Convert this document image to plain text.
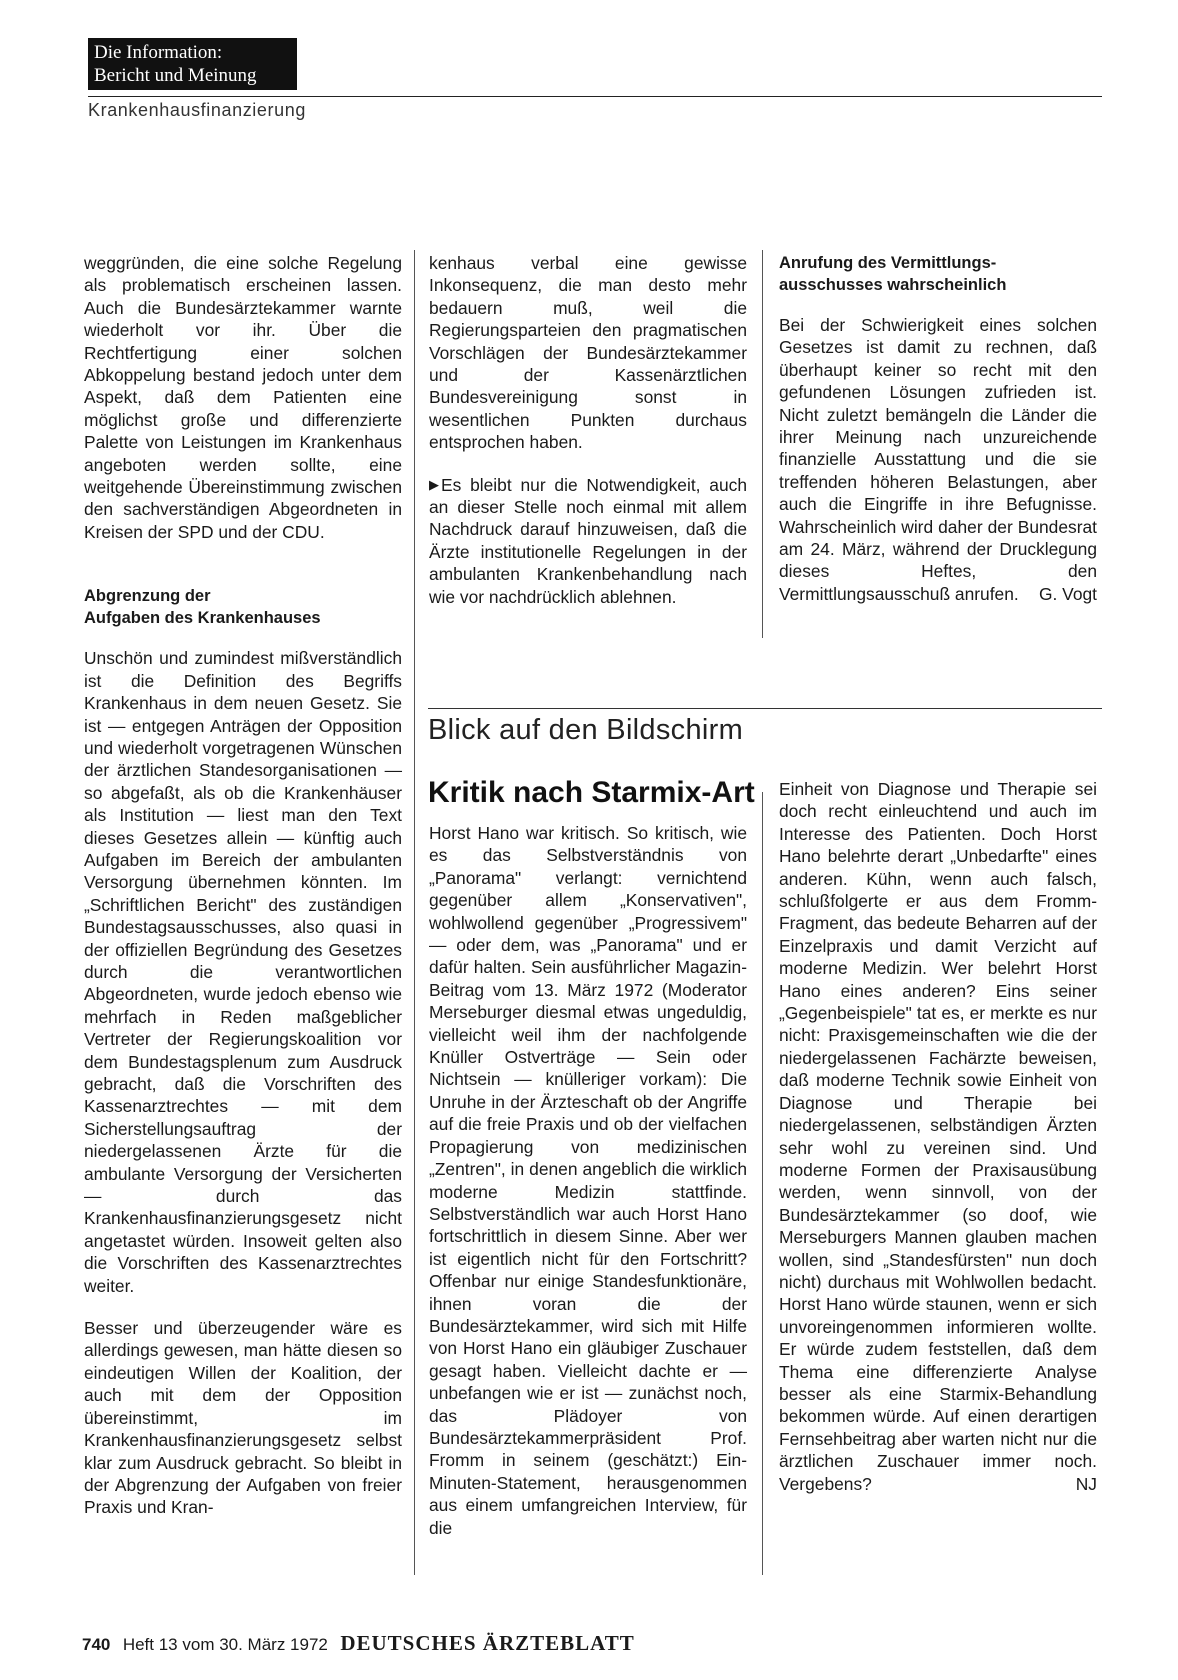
Die Information:
Bericht und Meinung
Krankenhausfinanzierung

weggründen, die eine solche Regelung als problematisch erscheinen lassen. Auch die Bundesärztekammer warnte wiederholt vor ihr. Über die Rechtfertigung einer solchen Abkoppelung bestand jedoch unter dem Aspekt, daß dem Patienten eine möglichst große und differenzierte Palette von Leistungen im Krankenhaus angeboten werden sollte, eine weitgehende Übereinstimmung zwischen den sachverständigen Abgeordneten in Kreisen der SPD und der CDU.

Abgrenzung der
Aufgaben des Krankenhauses

Unschön und zumindest mißverständlich ist die Definition des Begriffs Krankenhaus in dem neuen Gesetz. Sie ist — entgegen Anträgen der Opposition und wiederholt vorgetragenen Wünschen der ärztlichen Standesorganisationen — so abgefaßt, als ob die Krankenhäuser als Institution — liest man den Text dieses Gesetzes allein — künftig auch Aufgaben im Bereich der ambulanten Versorgung übernehmen könnten. Im „Schriftlichen Bericht" des zuständigen Bundestagsausschusses, also quasi in der offiziellen Begründung des Gesetzes durch die verantwortlichen Abgeordneten, wurde jedoch ebenso wie mehrfach in Reden maßgeblicher Vertreter der Regierungskoalition vor dem Bundestagsplenum zum Ausdruck gebracht, daß die Vorschriften des Kassenarztrechtes — mit dem Sicherstellungsauftrag der niedergelassenen Ärzte für die ambulante Versorgung der Versicherten — durch das Krankenhausfinanzierungsgesetz nicht angetastet würden. Insoweit gelten also die Vorschriften des Kassenarztrechtes weiter.

Besser und überzeugender wäre es allerdings gewesen, man hätte diesen so eindeutigen Willen der Koalition, der auch mit dem der Opposition übereinstimmt, im Krankenhausfinanzierungsgesetz selbst klar zum Ausdruck gebracht. So bleibt in der Abgrenzung der Aufgaben von freier Praxis und Kran-

kenhaus verbal eine gewisse Inkonsequenz, die man desto mehr bedauern muß, weil die Regierungsparteien den pragmatischen Vorschlägen der Bundesärztekammer und der Kassenärztlichen Bundesvereinigung sonst in wesentlichen Punkten durchaus entsprochen haben.

▶ Es bleibt nur die Notwendigkeit, auch an dieser Stelle noch einmal mit allem Nachdruck darauf hinzuweisen, daß die Ärzte institutionelle Regelungen in der ambulanten Krankenbehandlung nach wie vor nachdrücklich ablehnen.

Anrufung des Vermittlungs-
ausschusses wahrscheinlich

Bei der Schwierigkeit eines solchen Gesetzes ist damit zu rechnen, daß überhaupt keiner so recht mit den gefundenen Lösungen zufrieden ist. Nicht zuletzt bemängeln die Länder die ihrer Meinung nach unzureichende finanzielle Ausstattung und die sie treffenden höheren Belastungen, aber auch die Eingriffe in ihre Befugnisse. Wahrscheinlich wird daher der Bundesrat am 24. März, während der Drucklegung dieses Heftes, den Vermittlungsausschuß anrufen. G. Vogt

Blick auf den Bildschirm
Kritik nach Starmix-Art

Horst Hano war kritisch. So kritisch, wie es das Selbstverständnis von „Panorama" verlangt: vernichtend gegenüber allem „Konservativen", wohlwollend gegenüber „Progressivem" — oder dem, was „Panorama" und er dafür halten. Sein ausführlicher Magazin-Beitrag vom 13. März 1972 (Moderator Merseburger diesmal etwas ungeduldig, vielleicht weil ihm der nachfolgende Knüller Ostverträge — Sein oder Nichtsein — knülleriger vorkam): Die Unruhe in der Ärzteschaft ob der Angriffe auf die freie Praxis und ob der vielfachen Propagierung von medizinischen „Zentren", in denen angeblich die wirklich moderne Medizin stattfinde. Selbstverständlich war auch Horst Hano fortschrittlich in diesem Sinne. Aber wer ist eigentlich nicht für den Fortschritt? Offenbar nur einige Standesfunktionäre, ihnen voran die der Bundesärztekammer, wird sich mit Hilfe von Horst Hano ein gläubiger Zuschauer gesagt haben. Vielleicht dachte er — unbefangen wie er ist — zunächst noch, das Plädoyer von Bundesärztekammerpräsident Prof. Fromm in seinem (geschätzt:) Ein-Minuten-Statement, herausgenommen aus einem umfangreichen Interview, für die

Einheit von Diagnose und Therapie sei doch recht einleuchtend und auch im Interesse des Patienten. Doch Horst Hano belehrte derart „Unbedarfte" eines anderen. Kühn, wenn auch falsch, schlußfolgerte er aus dem Fromm-Fragment, das bedeute Beharren auf der Einzelpraxis und damit Verzicht auf moderne Medizin. Wer belehrt Horst Hano eines anderen? Eins seiner „Gegenbeispiele" tat es, er merkte es nur nicht: Praxisgemeinschaften wie die der niedergelassenen Fachärzte beweisen, daß moderne Technik sowie Einheit von Diagnose und Therapie bei niedergelassenen, selbständigen Ärzten sehr wohl zu vereinen sind. Und moderne Formen der Praxisausübung werden, wenn sinnvoll, von der Bundesärztekammer (so doof, wie Merseburgers Mannen glauben machen wollen, sind „Standesfürsten" nun doch nicht) durchaus mit Wohlwollen bedacht. Horst Hano würde staunen, wenn er sich unvoreingenommen informieren wollte. Er würde zudem feststellen, daß dem Thema eine differenzierte Analyse besser als eine Starmix-Behandlung bekommen würde. Auf einen derartigen Fernsehbeitrag aber warten nicht nur die ärztlichen Zuschauer immer noch. Vergebens?	NJ

740 Heft 13 vom 30. März 1972 DEUTSCHES ÄRZTEBLATT
